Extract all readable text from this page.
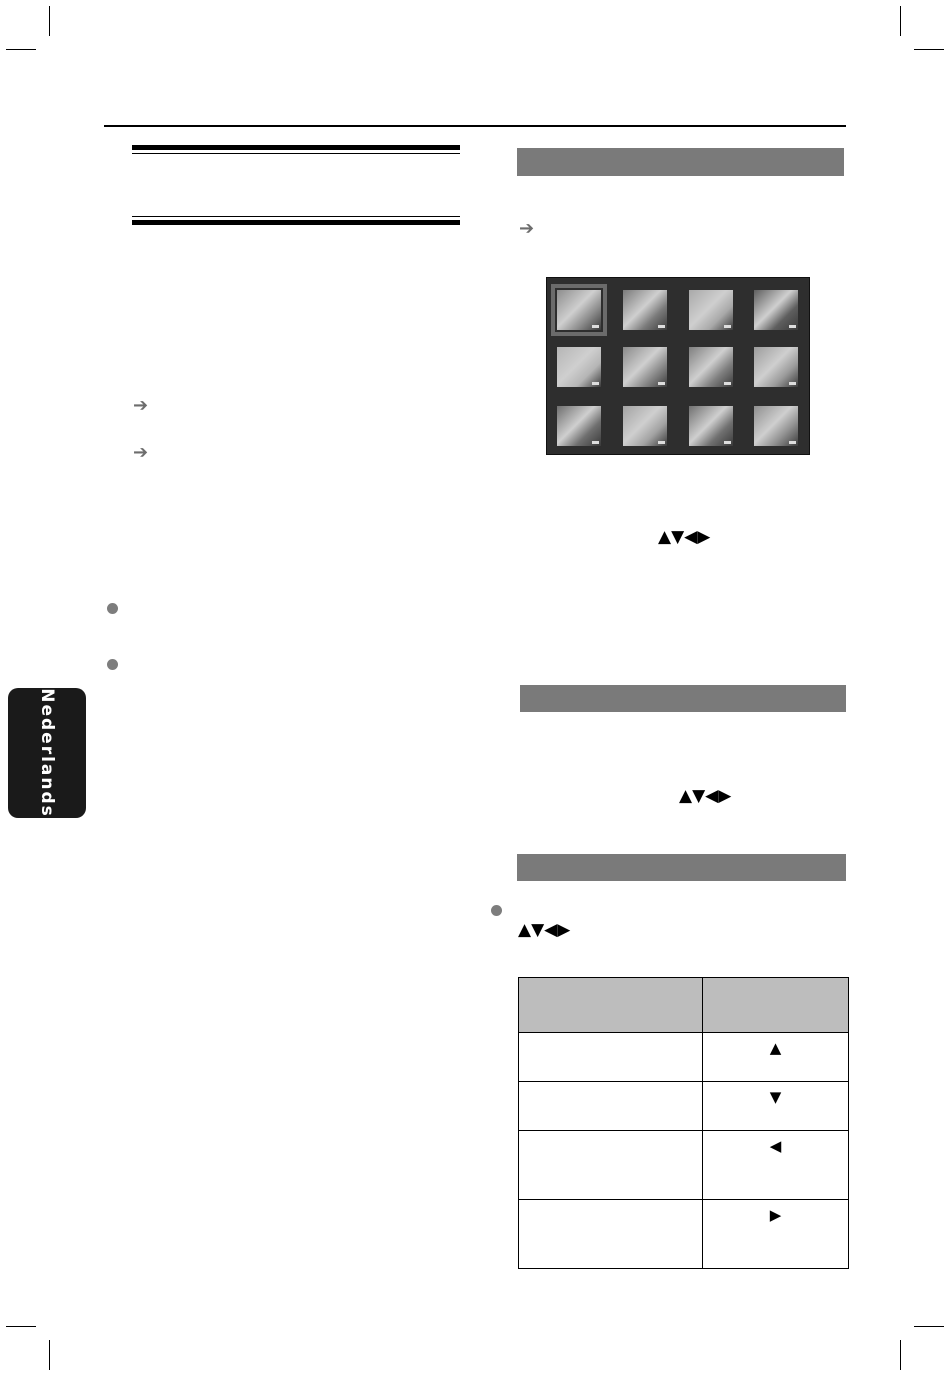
➔
➔
Nederlands
➔
▲▼◀▶
▲▼◀▶
▲▼◀▶

	▲
	▼
	◀
	▶
